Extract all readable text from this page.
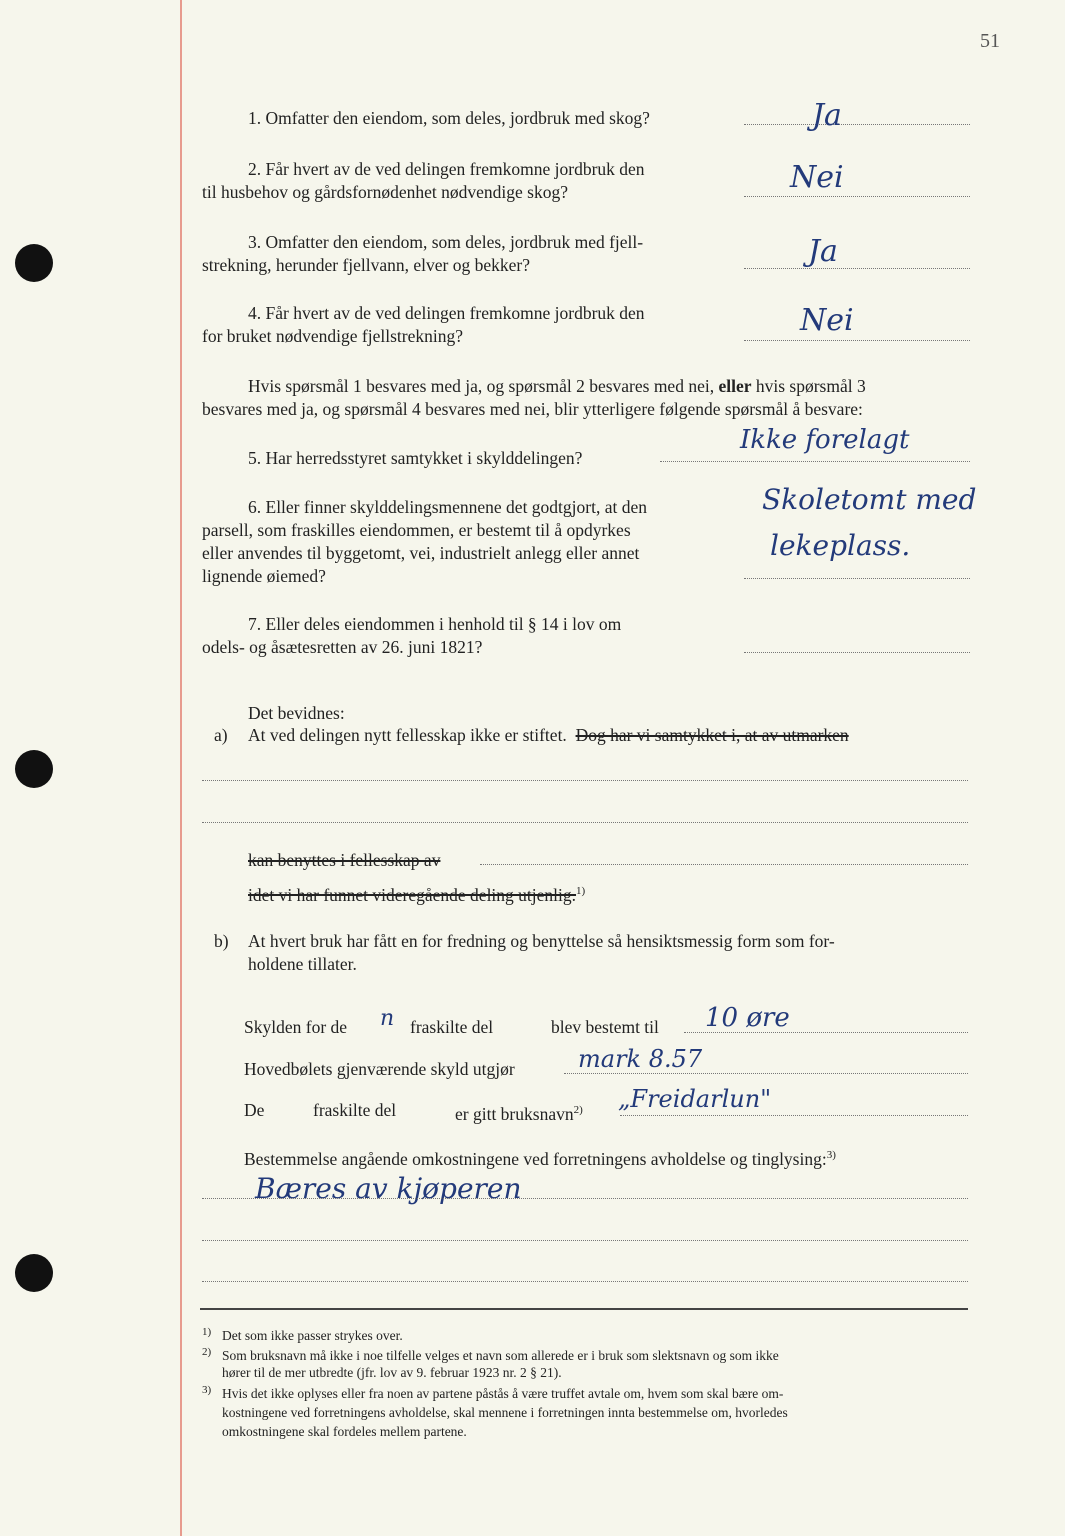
51
1. Omfatter den eiendom, som deles, jordbruk med skog?	Ja
2. Får hvert av de ved delingen fremkomne jordbruk den
til husbehov og gårdsfornødenhet nødvendige skog?	Nei
3. Omfatter den eiendom, som deles, jordbruk med fjell-
strekning, herunder fjellvann, elver og bekker?	Ja
4. Får hvert av de ved delingen fremkomne jordbruk den
for bruket nødvendige fjellstrekning?	Nei
Hvis spørsmål 1 besvares med ja, og spørsmål 2 besvares med nei, eller hvis spørsmål 3
besvares med ja, og spørsmål 4 besvares med nei, blir ytterligere følgende spørsmål å besvare:
5. Har herredsstyret samtykket i skylddelingen?
Ikke forelagt
6. Eller finner skylddelingsmennene det godtgjort, at den
parsell, som fraskilles eiendommen, er bestemt til å opdyrkes
eller anvendes til byggetomt, vei, industrielt anlegg eller annet
lignende øiemed?
Skoletomt med
lekeplass.
7. Eller deles eiendommen i henhold til § 14 i lov om
odels- og åsætesretten av 26. juni 1821?
Det bevidnes:
a) At ved delingen nytt fellesskap ikke er stiftet. Dog har vi samtykket i, at av utmarken
kan benyttes i fellesskap av
idet vi har funnet videregående deling utjenlig.$^{1)}$
b) At hvert bruk har fått en for fredning og benyttelse så hensiktsmessig form som for-
holdene tillater.
Skylden for de n fraskilte del	blev bestemt til 10 øre
Hovedbølets gjenværende skyld utgjør	mark 8.57
De	fraskilte del	er gitt bruksnavn$^{2)}$ „Freidarlun"
Bestemmelse angående omkostningene ved forretningens avholdelse og tinglysing:$^{3)}$
Bæres av kjøperen
1) Det som ikke passer strykes over.
2) Som bruksnavn må ikke i noe tilfelle velges et navn som allerede er i bruk som slektsnavn og som ikke
hører til de mer utbredte (jfr. lov av 9. februar 1923 nr. 2 § 21).
3) Hvis det ikke oplyses eller fra noen av partene påstås å være truffet avtale om, hvem som skal bære om-
kostningene ved forretningens avholdelse, skal mennene i forretningen innta bestemmelse om, hvorledes
omkostningene skal fordeles mellem partene.
